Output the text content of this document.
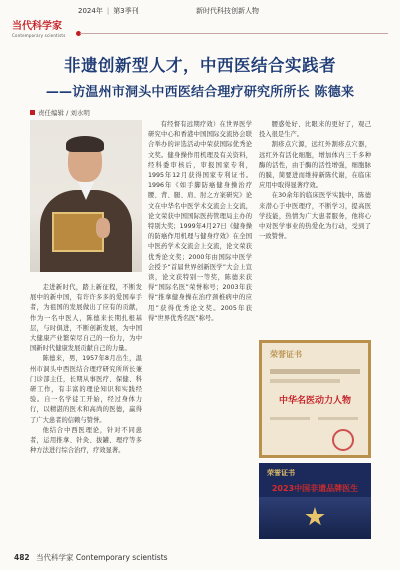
当代科学家
Contemporary scientists
2024年 | 第3季刊	新时代科技创新人物
非遗创新型人才，中西医结合实践者
——访温州市洞头中西医结合理疗研究所所长 陈德来
责任编辑 / 刘水明

走进新时代，踏上新征程，不断发展中的新中国，有许许多多的爱国奉手者，为祖国的发展做出了应有的贡献，作为一名中医人，陈德来长期扎根基层，与时俱进，不断创新发展，为中国大健康产业繁荣尽自己的一份力，为中国新时代健康发展贡献自己的力量。

陈德来，男，1957年8月出生，温州市洞头中西医结合理疗研究所所长兼门诊部主任，长期从事医疗、保健、科研工作，有丰富的理论知识和实践经验。自一名学徒工开始，经过身体力行，以精湛的医术和高尚的医德，赢得了广大患者的信赖与赞誉。

他结合中西医理论，针对不同患者，运用推拿、针灸、拔罐、理疗等多种方法进行综合治疗，疗效显著。

有经督有远期疗效）在世界医学研究中心和香港中国国际交流协会联合举办的评选活动中荣获国际优秀论文奖。健身操作用机理及有关资料，经科委审核后，审报国家专利，1995年12月获得国家专利证书。1996年《如手脚防癌健身操治疗腰、背、腿、肩、肘之方案研究》论文在中华名中医学术交流会上交流，论文荣获中国国际医药管理局主办的特别大奖；1999年4月27日《健身操的防癌作用机理与健身疗效》在全国中医药学术交流会上交流，论文荣获优秀论文奖；2000年由国际中医学会授予“首届世界创新医学”大会上宣读，论文获特别一等奖，陈德来获得“国际名医”荣誉称号；2003年获得“推拿健身操在治疗颈椎病中的应用”获得优秀论文奖。2005年获得“世界优秀名医”称号。

腰惑处好、比眼来的更好了，观己投入很是生产。

割疹点穴源，远红外割疹点穴器，远红外有活化细胞，增加体内三千多种酶的活性，由于酶的活性增强，细胞脉的膜，简要进而维持新陈代谢，在临床应用中取得显著疗效。

在30余年的临床医学实践中，陈德来潜心于中医理疗，不断学习，提高医学技能，热情为广大患者服务，他将心中对医学事业的热爱化为行动，受到了一致赞誉。

荣誉证书
中华名医动力人物
荣誉证书
2023中国非遗品牌医生
482 当代科学家 Contemporary scientists
